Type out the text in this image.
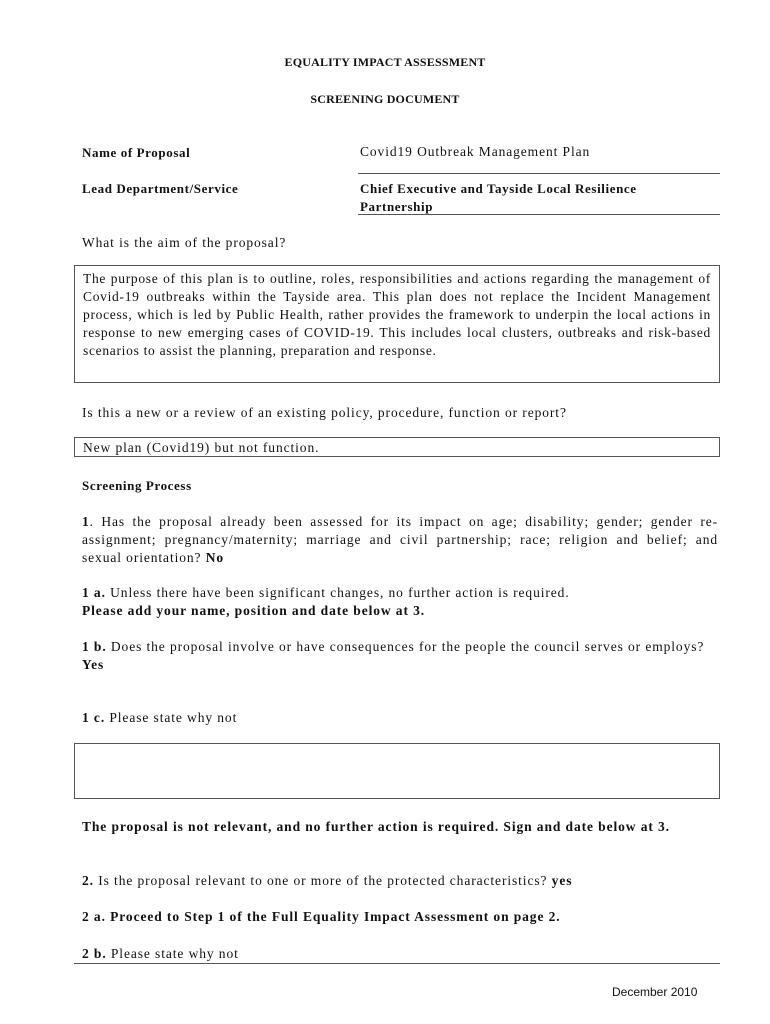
EQUALITY IMPACT ASSESSMENT
SCREENING DOCUMENT
Name of Proposal	Covid19 Outbreak Management Plan
Lead Department/Service	Chief Executive and Tayside Local Resilience
Partnership
What is the aim of the proposal?
The purpose of this plan is to outline, roles, responsibilities and actions regarding the management of Covid-19 outbreaks within the Tayside area. This plan does not replace the Incident Management process, which is led by Public Health, rather provides the framework to underpin the local actions in response to new emerging cases of COVID-19. This includes local clusters, outbreaks and risk-based scenarios to assist the planning, preparation and response.
Is this a new or a review of an existing policy, procedure, function or report?
New plan (Covid19) but not function.
Screening Process
1. Has the proposal already been assessed for its impact on age; disability; gender; gender re-assignment; pregnancy/maternity; marriage and civil partnership; race; religion and belief; and sexual orientation? No
1 a. Unless there have been significant changes, no further action is required.
Please add your name, position and date below at 3.
1 b. Does the proposal involve or have consequences for the people the council serves or employs?
Yes
1 c. Please state why not
The proposal is not relevant, and no further action is required. Sign and date below at 3.
2. Is the proposal relevant to one or more of the protected characteristics? yes
2 a. Proceed to Step 1 of the Full Equality Impact Assessment on page 2.
2 b. Please state why not
December 2010
